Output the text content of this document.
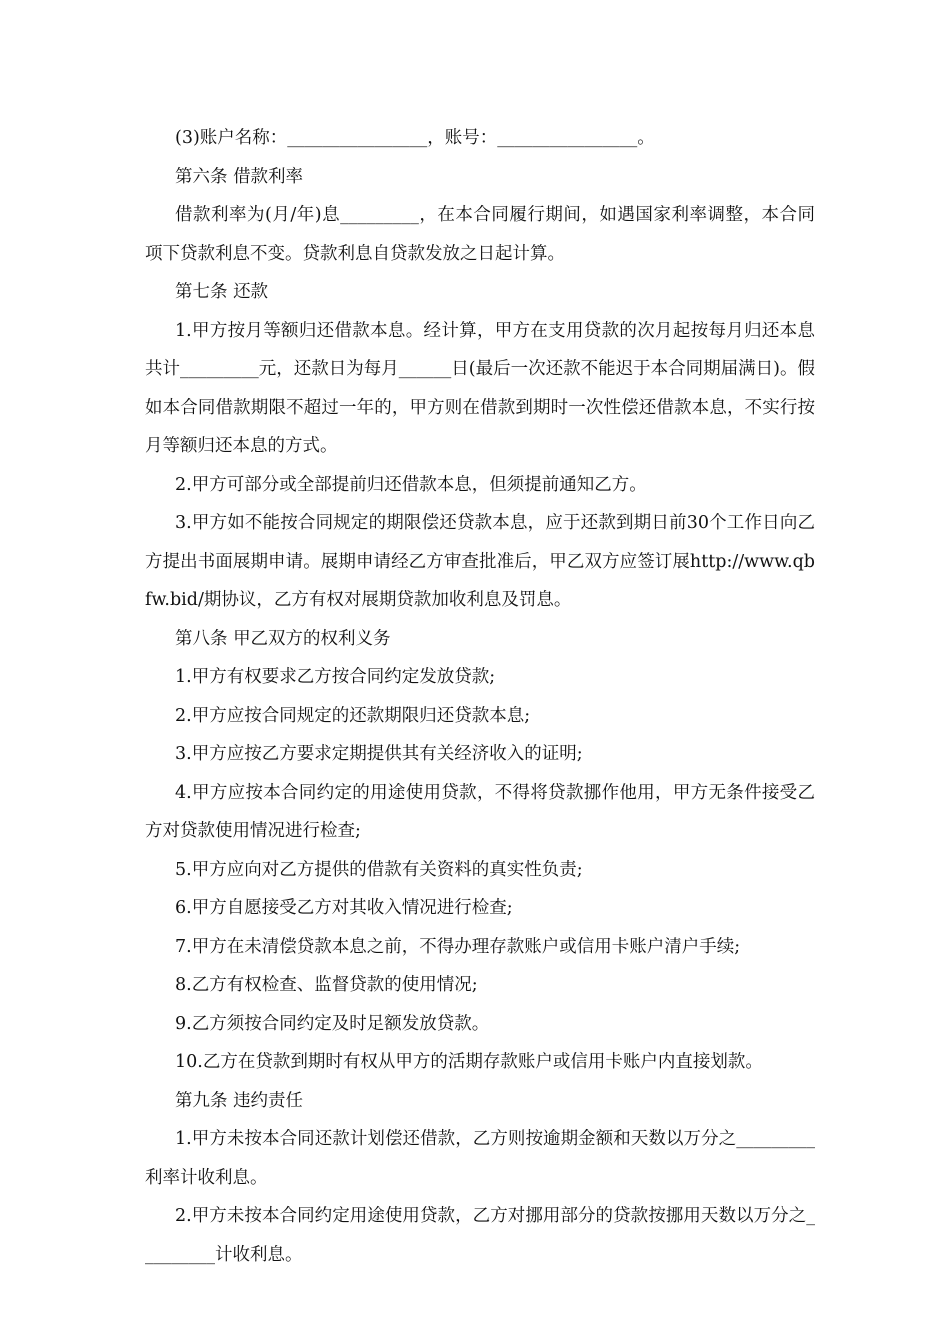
(3)账户名称：________________，账号：________________。

第六条 借款利率

借款利率为(月/年)息_________，在本合同履行期间，如遇国家利率调整，本合同项下贷款利息不变。贷款利息自贷款发放之日起计算。

第七条 还款

1.甲方按月等额归还借款本息。经计算，甲方在支用贷款的次月起按每月归还本息共计_________元，还款日为每月______日(最后一次还款不能迟于本合同期届满日)。假如本合同借款期限不超过一年的，甲方则在借款到期时一次性偿还借款本息，不实行按月等额归还本息的方式。

2.甲方可部分或全部提前归还借款本息，但须提前通知乙方。

3.甲方如不能按合同规定的期限偿还贷款本息，应于还款到期日前30个工作日向乙方提出书面展期申请。展期申请经乙方审查批准后，甲乙双方应签订展http://www.qbfw.bid/期协议，乙方有权对展期贷款加收利息及罚息。

第八条 甲乙双方的权利义务

1.甲方有权要求乙方按合同约定发放贷款;

2.甲方应按合同规定的还款期限归还贷款本息;

3.甲方应按乙方要求定期提供其有关经济收入的证明;

4.甲方应按本合同约定的用途使用贷款，不得将贷款挪作他用，甲方无条件接受乙方对贷款使用情况进行检查;

5.甲方应向对乙方提供的借款有关资料的真实性负责;

6.甲方自愿接受乙方对其收入情况进行检查;

7.甲方在未清偿贷款本息之前，不得办理存款账户或信用卡账户清户手续;

8.乙方有权检查、监督贷款的使用情况;

9.乙方须按合同约定及时足额发放贷款。

10.乙方在贷款到期时有权从甲方的活期存款账户或信用卡账户内直接划款。

第九条 违约责任

1.甲方未按本合同还款计划偿还借款，乙方则按逾期金额和天数以万分之_________利率计收利息。

2.甲方未按本合同约定用途使用贷款，乙方对挪用部分的贷款按挪用天数以万分之_________计收利息。
